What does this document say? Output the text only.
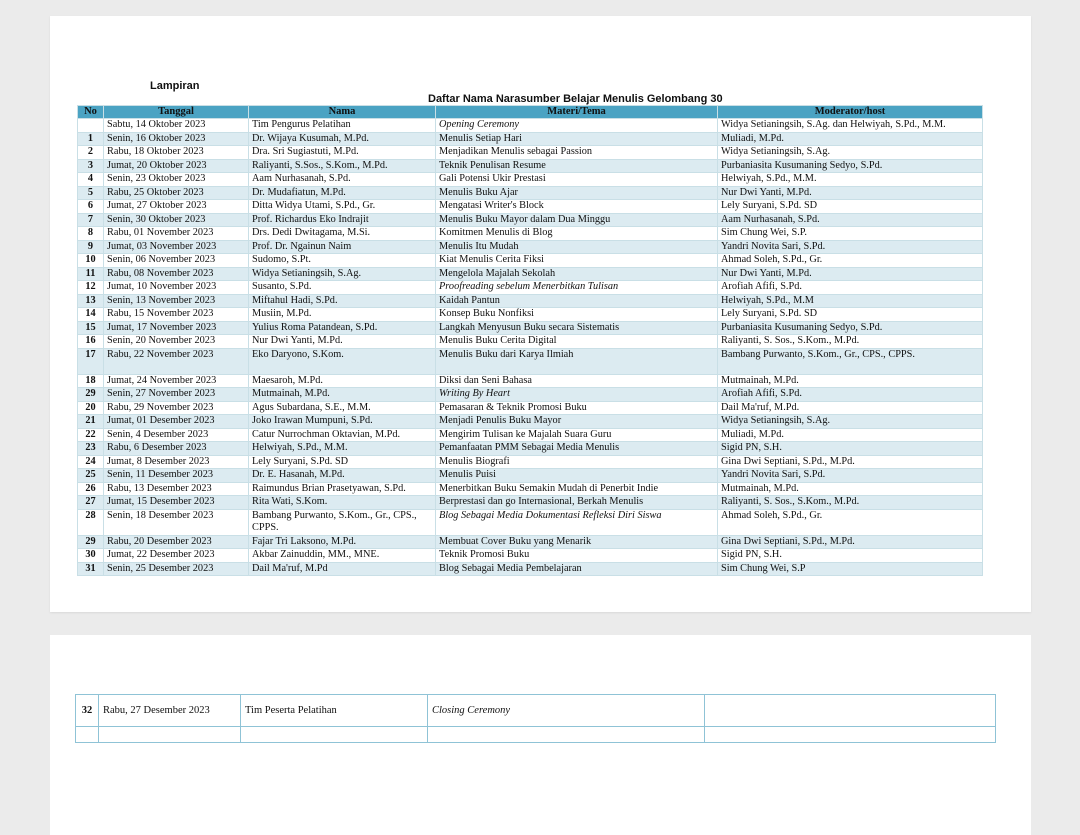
Lampiran
Daftar Nama Narasumber Belajar Menulis Gelombang 30
No	Tanggal	Nama	Materi/Tema	Moderator/host
	Sabtu, 14 Oktober 2023	Tim Pengurus Pelatihan	Opening Ceremony	Widya Setianingsih, S.Ag. dan Helwiyah, S.Pd., M.M.
1	Senin, 16 Oktober 2023	Dr. Wijaya Kusumah, M.Pd.	Menulis Setiap Hari	Muliadi, M.Pd.
2	Rabu, 18 Oktober 2023	Dra. Sri Sugiastuti, M.Pd.	Menjadikan Menulis sebagai Passion	Widya Setianingsih, S.Ag.
3	Jumat, 20 Oktober 2023	Raliyanti, S.Sos., S.Kom., M.Pd.	Teknik Penulisan Resume	Purbaniasita Kusumaning Sedyo, S.Pd.
4	Senin, 23 Oktober 2023	Aam Nurhasanah, S.Pd.	Gali Potensi Ukir Prestasi	Helwiyah, S.Pd., M.M.
5	Rabu, 25 Oktober 2023	Dr. Mudafiatun, M.Pd.	Menulis Buku Ajar	Nur Dwi Yanti, M.Pd.
6	Jumat, 27 Oktober 2023	Ditta Widya Utami, S.Pd., Gr.	Mengatasi Writer's Block	Lely Suryani, S.Pd. SD
7	Senin, 30 Oktober 2023	Prof. Richardus Eko Indrajit	Menulis Buku Mayor dalam Dua Minggu	Aam Nurhasanah, S.Pd.
8	Rabu, 01 November 2023	Drs. Dedi Dwitagama, M.Si.	Komitmen Menulis di Blog	Sim Chung Wei, S.P.
9	Jumat, 03 November 2023	Prof. Dr. Ngainun Naim	Menulis Itu Mudah	Yandri Novita Sari, S.Pd.
10	Senin, 06 November 2023	Sudomo, S.Pt.	Kiat Menulis Cerita Fiksi	Ahmad Soleh, S.Pd., Gr.
11	Rabu, 08 November 2023	Widya Setianingsih, S.Ag.	Mengelola Majalah Sekolah	Nur Dwi Yanti, M.Pd.
12	Jumat, 10 November 2023	Susanto, S.Pd.	Proofreading sebelum Menerbitkan Tulisan	Arofiah Afifi, S.Pd.
13	Senin, 13 November 2023	Miftahul Hadi, S.Pd.	Kaidah Pantun	Helwiyah, S.Pd., M.M
14	Rabu, 15 November 2023	Musiin, M.Pd.	Konsep Buku Nonfiksi	Lely Suryani, S.Pd. SD
15	Jumat, 17 November 2023	Yulius Roma Patandean, S.Pd.	Langkah Menyusun Buku secara Sistematis	Purbaniasita Kusumaning Sedyo, S.Pd.
16	Senin, 20 November 2023	Nur Dwi Yanti, M.Pd.	Menulis Buku Cerita Digital	Raliyanti, S. Sos., S.Kom., M.Pd.
17	Rabu, 22 November 2023	Eko Daryono, S.Kom.	Menulis Buku dari Karya Ilmiah	Bambang Purwanto, S.Kom., Gr., CPS., CPPS.
18	Jumat, 24 November 2023	Maesaroh, M.Pd.	Diksi dan Seni Bahasa	Mutmainah, M.Pd.
29	Senin, 27 November 2023	Mutmainah, M.Pd.	Writing By Heart	Arofiah Afifi, S.Pd.
20	Rabu, 29 November 2023	Agus Subardana, S.E., M.M.	Pemasaran & Teknik Promosi Buku	Dail Ma'ruf, M.Pd.
21	Jumat, 01 Desember 2023	Joko Irawan Mumpuni, S.Pd.	Menjadi Penulis Buku Mayor	Widya Setianingsih, S.Ag.
22	Senin, 4 Desember 2023	Catur Nurrochman Oktavian, M.Pd.	Mengirim Tulisan ke Majalah Suara Guru	Muliadi, M.Pd.
23	Rabu, 6 Desember 2023	Helwiyah, S.Pd., M.M.	Pemanfaatan PMM Sebagai Media Menulis	Sigid PN, S.H.
24	Jumat, 8 Desember 2023	Lely Suryani, S.Pd. SD	Menulis Biografi	Gina Dwi Septiani, S.Pd., M.Pd.
25	Senin, 11 Desember 2023	Dr. E. Hasanah, M.Pd.	Menulis Puisi	Yandri Novita Sari, S.Pd.
26	Rabu, 13 Desember 2023	Raimundus Brian Prasetyawan, S.Pd.	Menerbitkan Buku Semakin Mudah di Penerbit Indie	Mutmainah, M.Pd.
27	Jumat, 15 Desember 2023	Rita Wati, S.Kom.	Berprestasi dan go Internasional, Berkah Menulis	Raliyanti, S. Sos., S.Kom., M.Pd.
28	Senin, 18 Desember 2023	Bambang Purwanto, S.Kom., Gr., CPS., CPPS.	Blog Sebagai Media Dokumentasi Refleksi Diri Siswa	Ahmad Soleh, S.Pd., Gr.
29	Rabu, 20 Desember 2023	Fajar Tri Laksono, M.Pd.	Membuat Cover Buku yang Menarik	Gina Dwi Septiani, S.Pd., M.Pd.
30	Jumat, 22 Desember 2023	Akbar Zainuddin, MM., MNE.	Teknik Promosi Buku	Sigid PN, S.H.
31	Senin, 25 Desember 2023	Dail Ma'ruf, M.Pd	Blog Sebagai Media Pembelajaran	Sim Chung Wei, S.P
32	Rabu, 27 Desember 2023	Tim Peserta Pelatihan	Closing Ceremony	
